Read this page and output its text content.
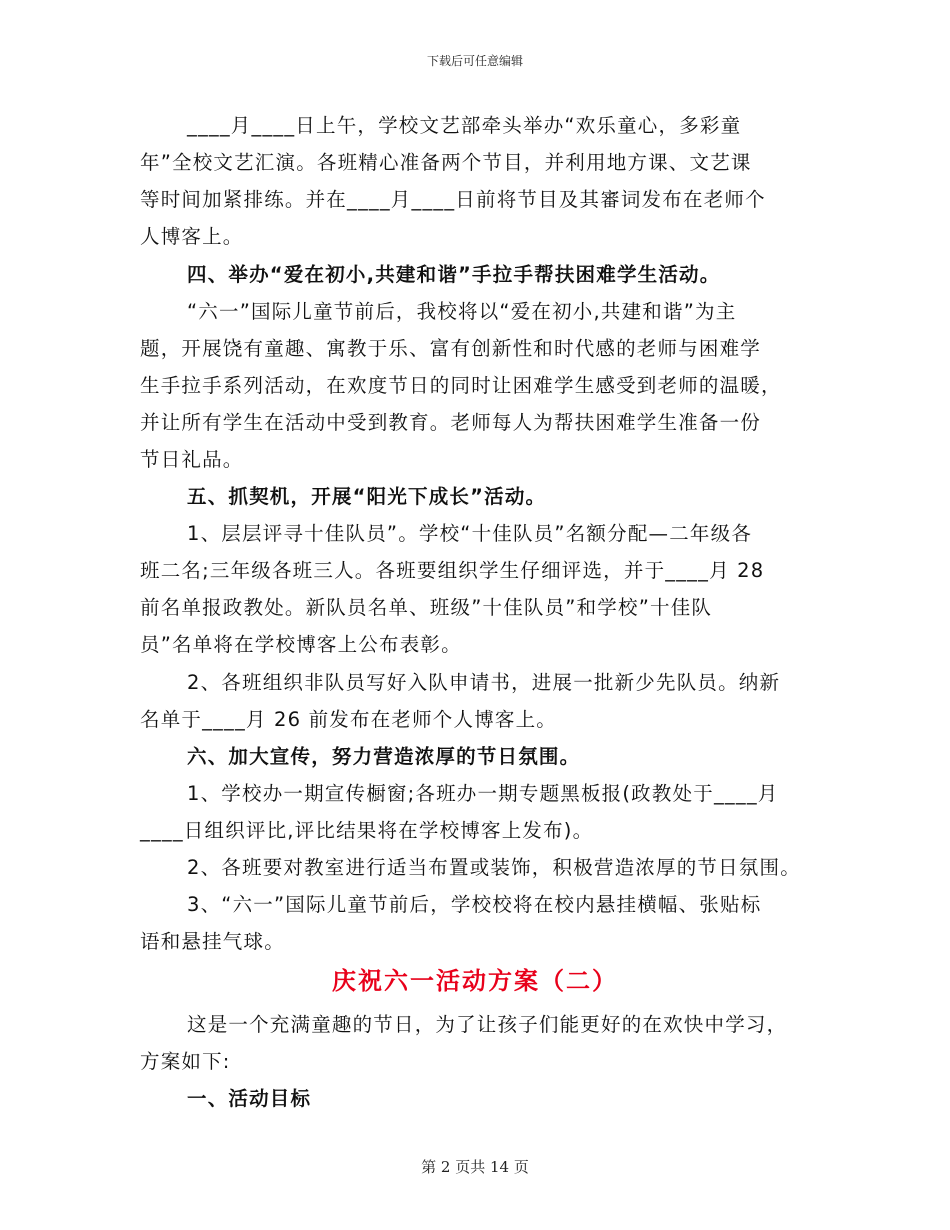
下载后可任意编辑
____月____日上午，学校文艺部牵头举办“欢乐童心，多彩童
年”全校文艺汇演。各班精心准备两个节目，并利用地方课、文艺课
等时间加紧排练。并在____月____日前将节目及其審词发布在老师个
人博客上。
四、举办“爱在初小,共建和谐”手拉手帮扶困难学生活动。
“六一”国际儿童节前后，我校将以“爱在初小,共建和谐”为主
题，开展饶有童趣、寓教于乐、富有创新性和时代感的老师与困难学
生手拉手系列活动，在欢度节日的同时让困难学生感受到老师的温暖，
并让所有学生在活动中受到教育。老师每人为帮扶困难学生准备一份
节日礼品。
五、抓契机，开展“阳光下成长”活动。
1、层层评寻十佳队员”。学校“十佳队员”名额分配—二年级各
班二名;三年级各班三人。各班要组织学生仔细评选，并于____月 28
前名单报政教处。新队员名单、班级”十佳队员”和学校”十佳队
员”名单将在学校博客上公布表彰。
2、各班组织非队员写好入队申请书，进展一批新少先队员。纳新
名单于____月 26 前发布在老师个人博客上。
六、加大宣传，努力营造浓厚的节日氛围。
1、学校办一期宣传橱窗;各班办一期专题黑板报(政教处于____月
____日组织评比,评比结果将在学校博客上发布)。
2、各班要对教室进行适当布置或装饰，积极营造浓厚的节日氛围。
3、“六一”国际儿童节前后，学校校将在校内悬挂横幅、张贴标
语和悬挂气球。
庆祝六一活动方案（二）
这是一个充满童趣的节日，为了让孩子们能更好的在欢快中学习，
方案如下:
一、活动目标
第 2 页共 14 页
